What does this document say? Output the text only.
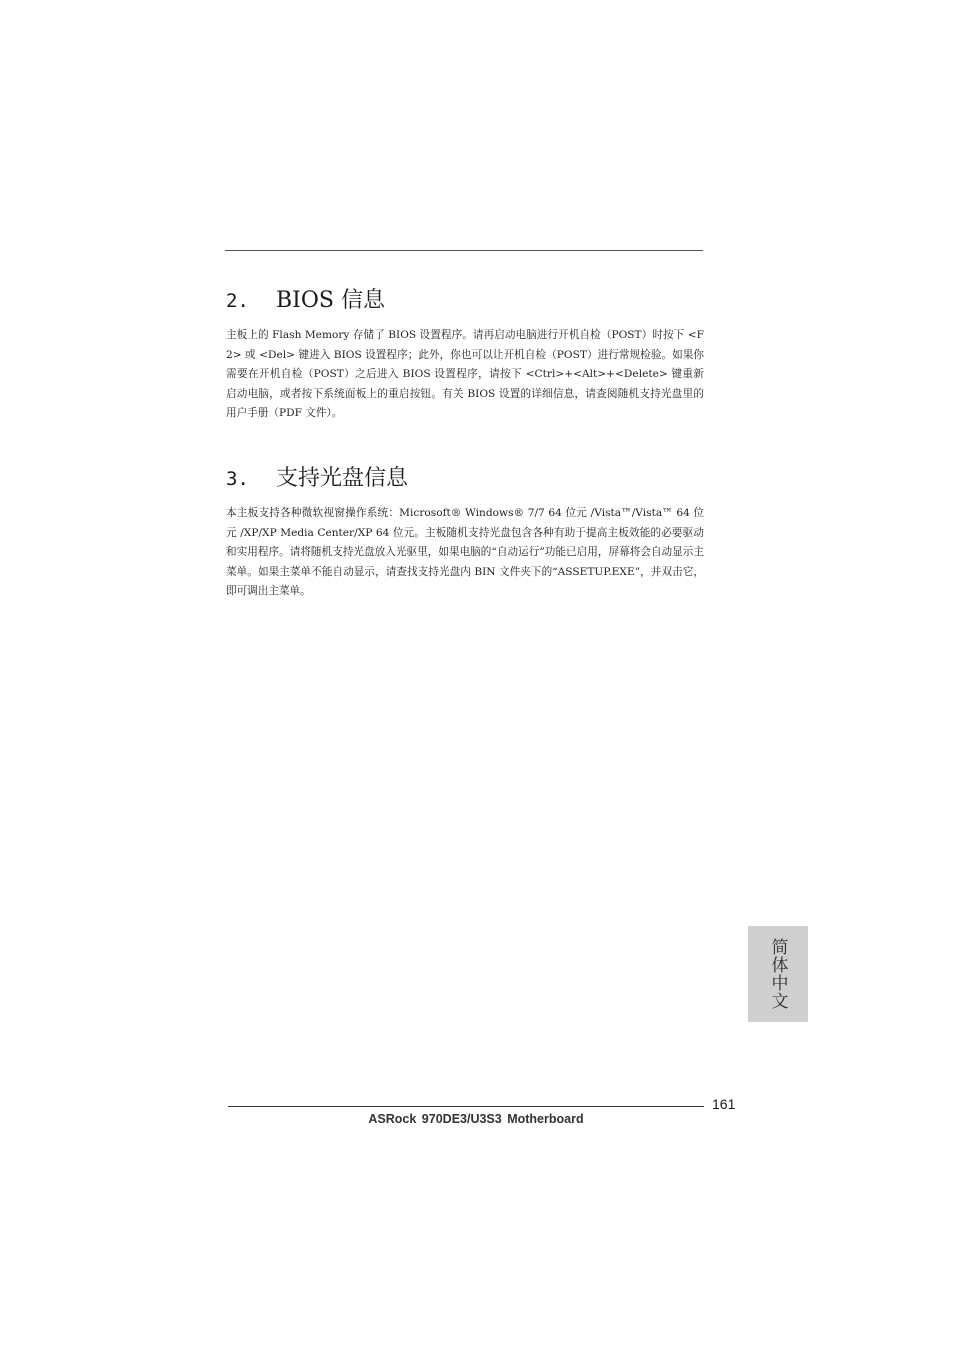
2.	BIOS 信息

主板上的 Flash Memory 存储了 BIOS 设置程序。请再启动电脑进行开机自检（POST）时按下 <F2> 或 <Del> 键进入 BIOS 设置程序；此外，你也可以让开机自检（POST）进行常规检验。如果你需要在开机自检（POST）之后进入 BIOS 设置程序，请按下 <Ctrl>+<Alt>+<Delete> 键重新启动电脑，或者按下系统面板上的重启按钮。有关 BIOS 设置的详细信息，请查阅随机支持光盘里的用户手册（PDF 文件）。

3.	支持光盘信息

本主板支持各种微软视窗操作系统：Microsoft® Windows® 7/7 64 位元 /Vista™/Vista™ 64 位元 /XP/XP Media Center/XP 64 位元。主板随机支持光盘包含各种有助于提高主板效能的必要驱动和实用程序。请将随机支持光盘放入光驱里，如果电脑的“自动运行”功能已启用，屏幕将会自动显示主菜单。如果主菜单不能自动显示，请查找支持光盘内 BIN 文件夹下的“ASSETUP.EXE”，并双击它，即可调出主菜单。

简体中文
161
ASRock 970DE3/U3S3 Motherboard
